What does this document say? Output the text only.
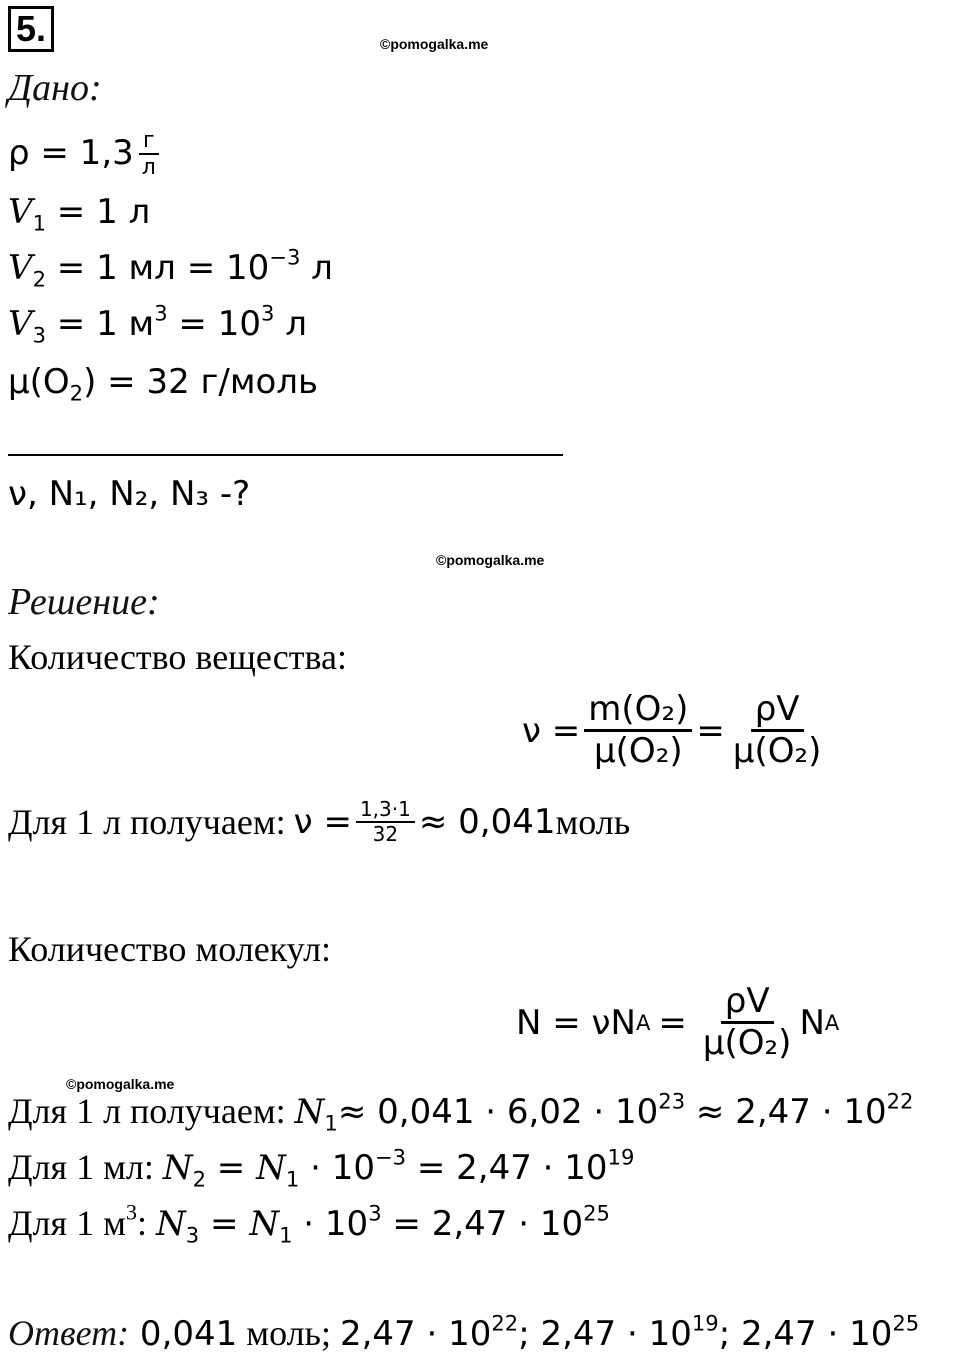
5.	©pomogalka.me
Дано:
$\rho = 1,3 \frac{г}{л}$
$V_1 = 1$ л
$V_2 = 1$ мл = $10^{-3}$ л
$V_3 = 1$ $м^3 = 10^3$ л
$\mu(O_2) = 32$ г/моль
ν, N₁, N₂, N₃ -?
©pomogalka.me
Решение:
Количество вещества:
$\nu = \frac{\text{m(O₂)}}{\text{μ(O₂)}} = \frac{\rho V}{\text{μ(O₂)}}$
Для 1 л получаем: $\nu = \frac{1,3\cdot 1}{32} \approx 0,041$ моль
Количество молекул:
N = νN $A = \frac{\rho V}{\text{μ(O₂)}}$ N A
©pomogalka.me
Для 1 л получаем: $N_1\approx 0,041 \cdot 6,02 \cdot 10^{23} \approx 2,47 \cdot 10^{22}$
Для 1 мл: $N_2 = N_1 \cdot 10^{-3} = 2,47 \cdot 10^{19}$
Для 1 $м^3$: $N_3 = N_1 \cdot 10^3 = 2,47 \cdot 10^{25}$
Ответ: 0,041 моль; $2,47 \cdot 10^{22}$; $2,47 \cdot 10^{19}$; $2,47 \cdot 10^{25}$
